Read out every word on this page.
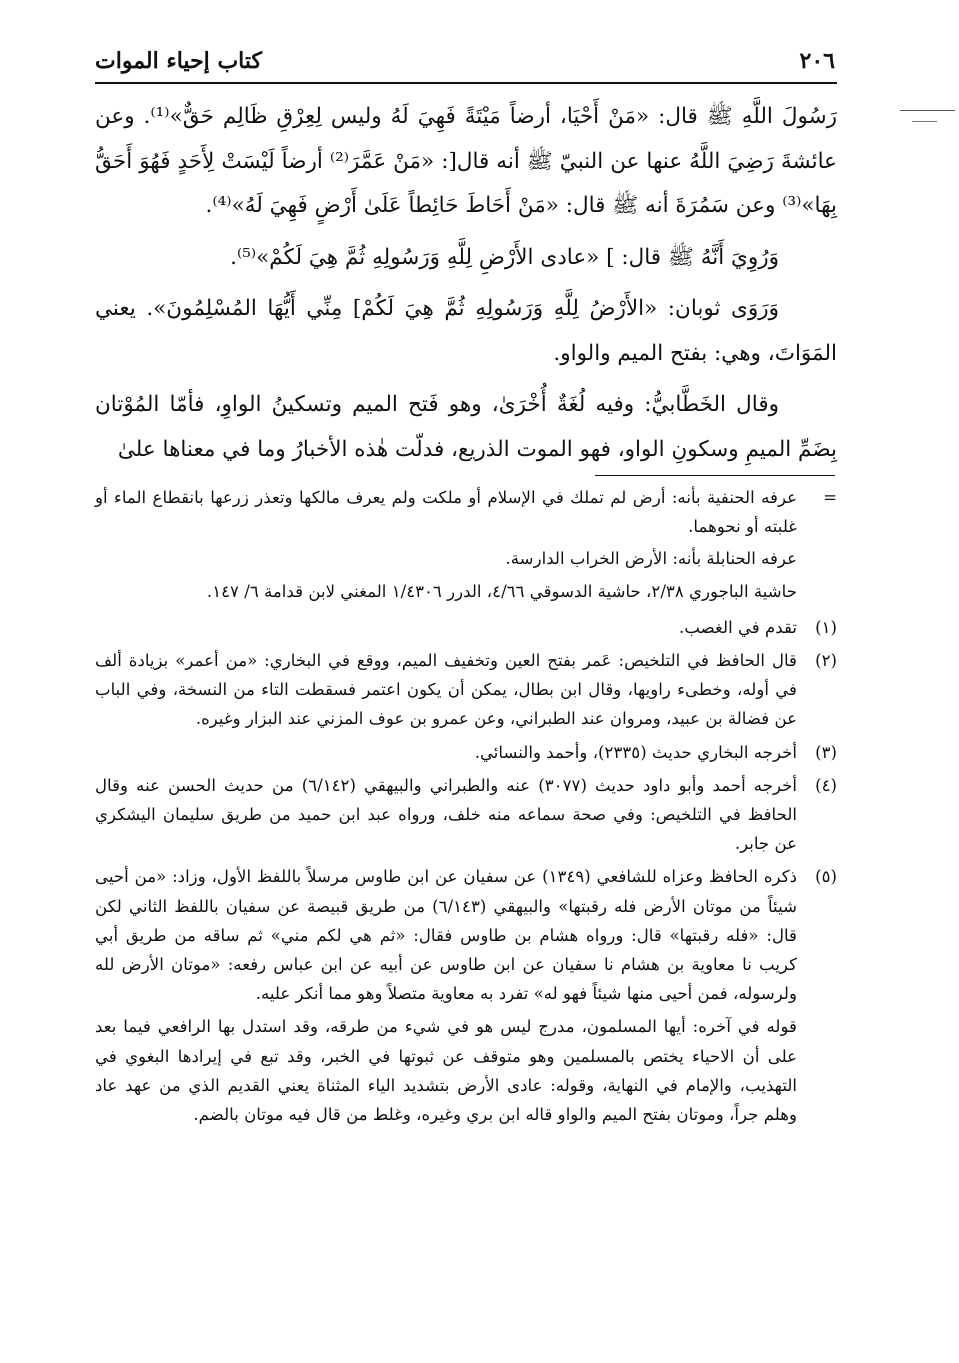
٢٠٦
كتاب إحياء الموات

رَسُولَ اللَّهِ ﷺ قال: «مَنْ أَحْيَا، أرضاً مَيْتَةً فَهِيَ لَهُ وليس لِعِرْقِ ظَالِم حَقٌّ»⁽¹⁾. وعن عائشةَ رَضِيَ اللَّهُ عنها عن النبيّ ﷺ أنه قال[: «مَنْ عَمَّرَ⁽²⁾ أرضاً لَيْسَتْ لِأَحَدٍ فَهُوَ أَحَقُّ بِهَا»⁽³⁾ وعن سَمُرَةَ أنه ﷺ قال: «مَنْ أَحَاطَ حَائِطاً عَلَىٰ أَرْضٍ فَهِيَ لَهُ»⁽⁴⁾.

وَرُوِيَ أَنَّهُ ﷺ قال: ] «عادى الأَرْضِ لِلَّهِ وَرَسُولِهِ ثُمَّ هِيَ لَكُمْ»⁽⁵⁾.

وَرَوَى ثوبان: «الأَرْضُ لِلَّهِ وَرَسُولِهِ ثُمَّ هِيَ لَكُمْ] مِنِّي أَيُّهَا المُسْلِمُونَ». يعني المَوَاتَ، وهي: بفتح الميم والواو.

وقال الخَطَّابيُّ: وفيه لُغَةٌ أُخْرَىٰ، وهو فَتح الميم وتسكينُ الواوِ، فأمّا المُوْتان بِضَمِّ الميمِ وسكونِ الواو، فهو الموت الذريع، فدلّت هٰذه الأخبارُ وما في معناها علىٰ

=

عرفه الحنفية بأنه: أرض لم تملك في الإسلام أو ملكت ولم يعرف مالكها وتعذر زرعها بانقطاع الماء أو غلبته أو نحوهما.

عرفه الحنابلة بأنه: الأرض الخراب الدارسة.

حاشية الباجوري ٢/٣٨، حاشية الدسوقي ٤/٦٦، الدرر ١/٤٣٠٦ المغني لابن قدامة ٦/ ١٤٧.

(١)
تقدم في الغصب.
(٢)
قال الحافظ في التلخيص: عَمر بفتح العين وتخفيف الميم، ووقع في البخاري: «من أعمر» بزيادة ألف في أوله، وخطىء راويها، وقال ابن بطال، يمكن أن يكون اعتمر فسقطت التاء من النسخة، وفي الباب عن فضالة بن عبيد، ومروان عند الطبراني، وعن عمرو بن عوف المزني عند البزار وغيره.
(٣)
أخرجه البخاري حديث (٢٣٣٥)، وأحمد والنسائي.
(٤)
أخرجه أحمد وأبو داود حديث (٣٠٧٧) عنه والطبراني والبيهقي (٦/١٤٢) من حديث الحسن عنه وقال الحافظ في التلخيص: وفي صحة سماعه منه خلف، ورواه عبد ابن حميد من طريق سليمان اليشكري عن جابر.
(٥)
ذكره الحافظ وعزاه للشافعي (١٣٤٩) عن سفيان عن ابن طاوس مرسلاً باللفظ الأول، وزاد: «من أحيى شيئاً من موتان الأرض فله رقبتها» والبيهقي (٦/١٤٣) من طريق قبيصة عن سفيان باللفظ الثاني لكن قال: «فله رقبتها» قال: ورواه هشام بن طاوس فقال: «ثم هي لكم مني» ثم ساقه من طريق أبي كريب نا معاوية بن هشام نا سفيان عن ابن طاوس عن أبيه عن ابن عباس رفعه: «موتان الأرض لله ولرسوله، فمن أحيى منها شيئاً فهو له» تفرد به معاوية متصلاً وهو مما أنكر عليه.

قوله في آخره: أيها المسلمون، مدرج ليس هو في شيء من طرقه، وقد استدل بها الرافعي فيما بعد على أن الاحياء يختص بالمسلمين وهو متوقف عن ثبوتها في الخبر، وقد تبع في إيرادها البغوي في التهذيب، والإمام في النهاية، وقوله: عادى الأرض بتشديد الياء المثناة يعني القديم الذي من عهد عاد وهلم جراً، وموتان بفتح الميم والواو قاله ابن بري وغيره، وغلط من قال فيه موتان بالضم.
